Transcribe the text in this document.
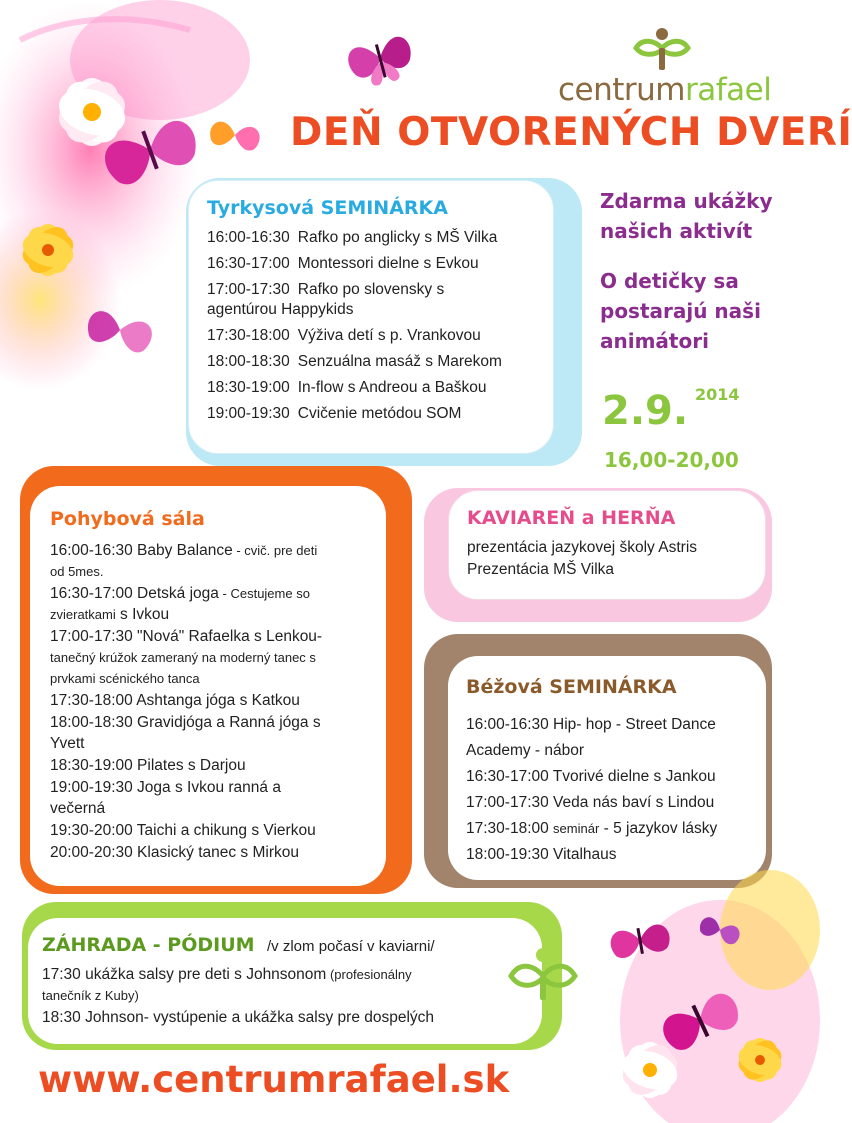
centrumrafael
DEŇ OTVORENÝCH DVERÍ
Tyrkysová SEMINÁRKA
16:00-16:30 Rafko po anglicky s MŠ Vilka
16:30-17:00 Montessori dielne s Evkou
17:00-17:30 Rafko po slovensky s
agentúrou Happykids
17:30-18:00 Výživa detí s p. Vrankovou
18:00-18:30 Senzuálna masáž s Marekom
18:30-19:00 In-flow s Andreou a Baškou
19:00-19:30 Cvičenie metódou SOM
Zdarma ukážky
našich aktivít
O detičky sa
postarajú naši
animátori
2.9. 2014
16,00-20,00
Pohybová sála
16:00-16:30 Baby Balance - cvič. pre deti
od 5mes.
16:30-17:00 Detská joga - Cestujeme so
zvieratkami s Ivkou
17:00-17:30 "Nová" Rafaelka s Lenkou-
tanečný krúžok zameraný na moderný tanec s
prvkami scénického tanca
17:30-18:00 Ashtanga jóga s Katkou
18:00-18:30 Gravidjóga a Ranná jóga s
Yvett
18:30-19:00 Pilates s Darjou
19:00-19:30 Joga s Ivkou ranná a
večerná
19:30-20:00 Taichi a chikung s Vierkou
20:00-20:30 Klasický tanec s Mirkou
KAVIAREŇ a HERŇA
prezentácia jazykovej školy Astris
Prezentácia MŠ Vilka
Béžová SEMINÁRKA
16:00-16:30 Hip- hop - Street Dance
Academy - nábor
16:30-17:00 Tvorivé dielne s Jankou
17:00-17:30 Veda nás baví s Lindou
17:30-18:00 seminár - 5 jazykov lásky
18:00-19:30 Vitalhaus
ZÁHRADA - PÓDIUM /v zlom počasí v kaviarni/
17:30 ukážka salsy pre deti s Johnsonom (profesionálny
tanečník z Kuby)
18:30 Johnson- vystúpenie a ukážka salsy pre dospelých
www.centrumrafael.sk
